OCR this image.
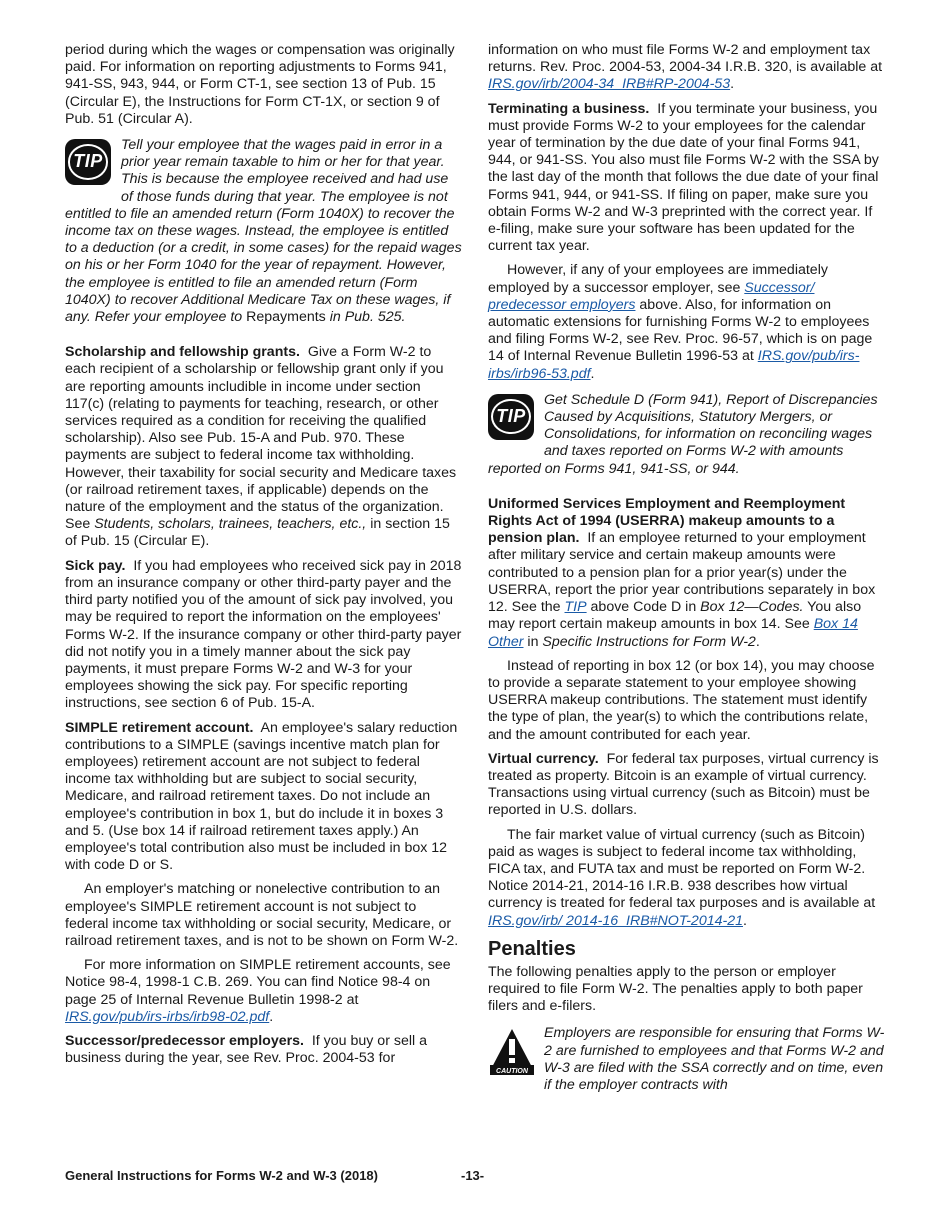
period during which the wages or compensation was originally paid. For information on reporting adjustments to Forms 941, 941-SS, 943, 944, or Form CT-1, see section 13 of Pub. 15 (Circular E), the Instructions for Form CT-1X, or section 9 of Pub. 51 (Circular A).

TIP
Tell your employee that the wages paid in error in a prior year remain taxable to him or her for that year. This is because the employee received and had use of those funds during that year. The employee is not entitled to file an amended return (Form 1040X) to recover the income tax on these wages. Instead, the employee is entitled to a deduction (or a credit, in some cases) for the repaid wages on his or her Form 1040 for the year of repayment. However, the employee is entitled to file an amended return (Form 1040X) to recover Additional Medicare Tax on these wages, if any. Refer your employee to Repayments in Pub. 525.

Scholarship and fellowship grants. Give a Form W-2 to each recipient of a scholarship or fellowship grant only if you are reporting amounts includible in income under section 117(c) (relating to payments for teaching, research, or other services required as a condition for receiving the qualified scholarship). Also see Pub. 15-A and Pub. 970. These payments are subject to federal income tax withholding. However, their taxability for social security and Medicare taxes (or railroad retirement taxes, if applicable) depends on the nature of the employment and the status of the organization. See Students, scholars, trainees, teachers, etc., in section 15 of Pub. 15 (Circular E).

Sick pay. If you had employees who received sick pay in 2018 from an insurance company or other third-party payer and the third party notified you of the amount of sick pay involved, you may be required to report the information on the employees' Forms W-2. If the insurance company or other third-party payer did not notify you in a timely manner about the sick pay payments, it must prepare Forms W-2 and W-3 for your employees showing the sick pay. For specific reporting instructions, see section 6 of Pub. 15-A.

SIMPLE retirement account. An employee's salary reduction contributions to a SIMPLE (savings incentive match plan for employees) retirement account are not subject to federal income tax withholding but are subject to social security, Medicare, and railroad retirement taxes. Do not include an employee's contribution in box 1, but do include it in boxes 3 and 5. (Use box 14 if railroad retirement taxes apply.) An employee's total contribution also must be included in box 12 with code D or S.

An employer's matching or nonelective contribution to an employee's SIMPLE retirement account is not subject to federal income tax withholding or social security, Medicare, or railroad retirement taxes, and is not to be shown on Form W-2.

For more information on SIMPLE retirement accounts, see Notice 98-4, 1998-1 C.B. 269. You can find Notice 98-4 on page 25 of Internal Revenue Bulletin 1998-2 at IRS.gov/pub/irs-irbs/irb98-02.pdf.

Successor/predecessor employers. If you buy or sell a business during the year, see Rev. Proc. 2004-53 for

information on who must file Forms W-2 and employment tax returns. Rev. Proc. 2004-53, 2004-34 I.R.B. 320, is available at IRS.gov/irb/2004-34_IRB#RP-2004-53.

Terminating a business. If you terminate your business, you must provide Forms W-2 to your employees for the calendar year of termination by the due date of your final Forms 941, 944, or 941-SS. You also must file Forms W-2 with the SSA by the last day of the month that follows the due date of your final Forms 941, 944, or 941-SS. If filing on paper, make sure you obtain Forms W-2 and W-3 preprinted with the correct year. If e-filing, make sure your software has been updated for the current tax year.

However, if any of your employees are immediately employed by a successor employer, see Successor/ predecessor employers above. Also, for information on automatic extensions for furnishing Forms W-2 to employees and filing Forms W-2, see Rev. Proc. 96-57, which is on page 14 of Internal Revenue Bulletin 1996-53 at IRS.gov/pub/irs-irbs/irb96-53.pdf.

TIP
Get Schedule D (Form 941), Report of Discrepancies Caused by Acquisitions, Statutory Mergers, or Consolidations, for information on reconciling wages and taxes reported on Forms W-2 with amounts reported on Forms 941, 941-SS, or 944.

Uniformed Services Employment and Reemployment Rights Act of 1994 (USERRA) makeup amounts to a pension plan. If an employee returned to your employment after military service and certain makeup amounts were contributed to a pension plan for a prior year(s) under the USERRA, report the prior year contributions separately in box 12. See the TIP above Code D in Box 12—Codes. You also may report certain makeup amounts in box 14. See Box 14 Other in Specific Instructions for Form W-2.

Instead of reporting in box 12 (or box 14), you may choose to provide a separate statement to your employee showing USERRA makeup contributions. The statement must identify the type of plan, the year(s) to which the contributions relate, and the amount contributed for each year.

Virtual currency. For federal tax purposes, virtual currency is treated as property. Bitcoin is an example of virtual currency. Transactions using virtual currency (such as Bitcoin) must be reported in U.S. dollars.

The fair market value of virtual currency (such as Bitcoin) paid as wages is subject to federal income tax withholding, FICA tax, and FUTA tax and must be reported on Form W-2. Notice 2014-21, 2014-16 I.R.B. 938 describes how virtual currency is treated for federal tax purposes and is available at IRS.gov/irb/ 2014-16_IRB#NOT-2014-21.

Penalties

The following penalties apply to the person or employer required to file Form W-2. The penalties apply to both paper filers and e-filers.

CAUTION
Employers are responsible for ensuring that Forms W-2 are furnished to employees and that Forms W-2 and W-3 are filed with the SSA correctly and on time, even if the employer contracts with
General Instructions for Forms W-2 and W-3 (2018)	-13-
